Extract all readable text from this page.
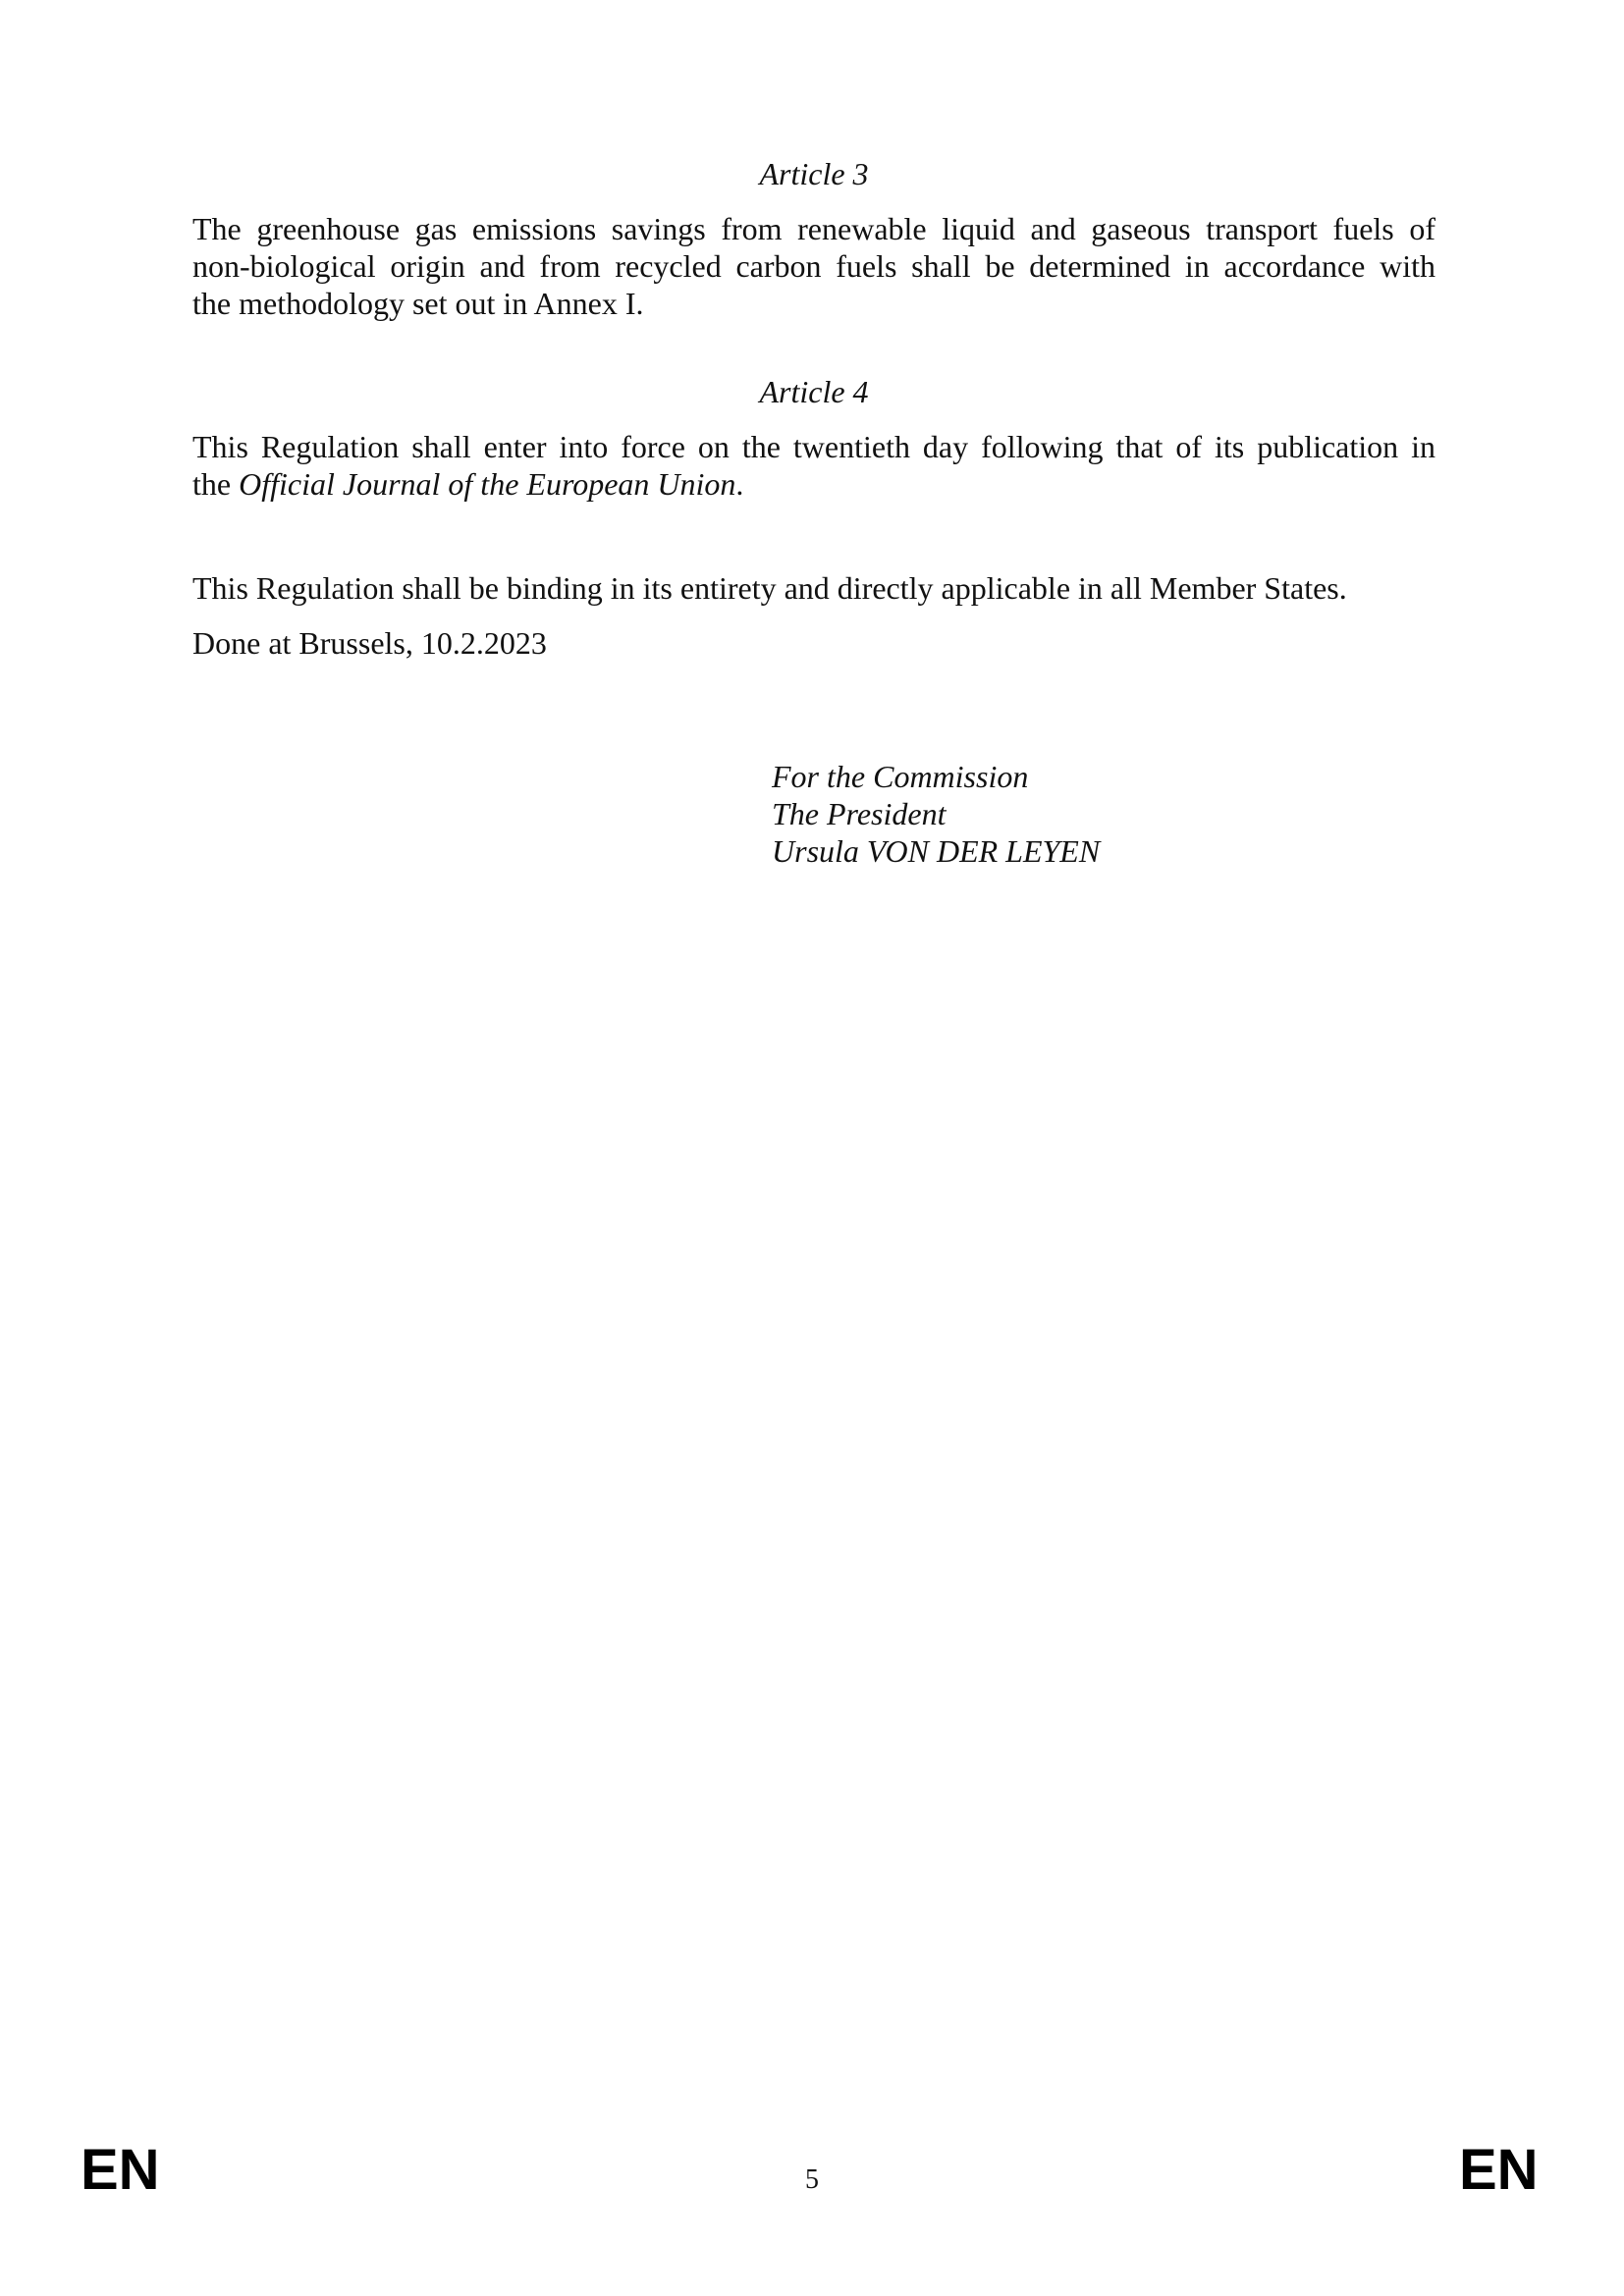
Article 3
The greenhouse gas emissions savings from renewable liquid and gaseous transport fuels of
non-biological origin and from recycled carbon fuels shall be determined in accordance with
the methodology set out in Annex I.
Article 4
This Regulation shall enter into force on the twentieth day following that of its publication in
the Official Journal of the European Union.
This Regulation shall be binding in its entirety and directly applicable in all Member States.
Done at Brussels, 10.2.2023
For the Commission
The President
Ursula VON DER LEYEN
EN	5	EN
